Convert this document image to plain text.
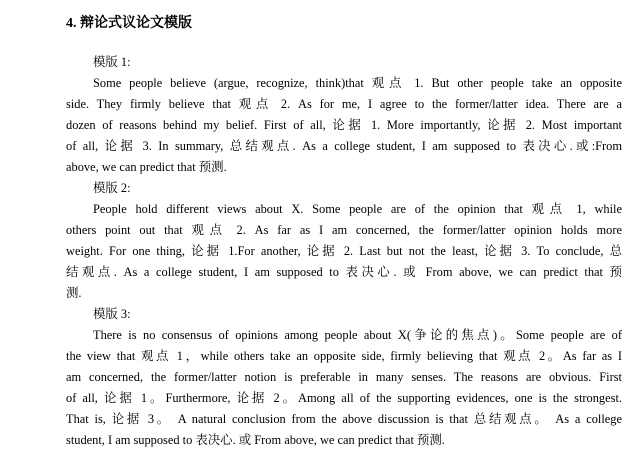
4. 辩论式议论文模版
模版 1:
Some people believe (argue, recognize, think)that 观点 1. But other people take an opposite
side. They firmly believe that 观点 2. As for me, I agree to the former/latter idea. There are a
dozen of reasons behind my belief. First of all, 论据 1. More importantly, 论据 2. Most important
of all, 论据 3. In summary, 总结观点. As a college student, I am supposed to 表决心.或:From
above, we can predict that 预测.
模版 2:
People hold different views about X. Some people are of the opinion that 观点 1, while
others point out that 观点 2. As far as I am concerned, the former/latter opinion holds more
weight. For one thing, 论据 1.For another, 论据 2. Last but not the least, 论据 3. To conclude, 总
结观点. As a college student, I am supposed to 表决心. 或 From above, we can predict that 预
测.
模版 3:
There is no consensus of opinions among people about X(争论的焦点)。Some people are of
the view that 观点 1，while others take an opposite side, firmly believing that 观点 2。As far as I
am concerned, the former/latter notion is preferable in many senses. The reasons are obvious. First
of all, 论据 1。Furthermore, 论据 2。Among all of the supporting evidences, one is the strongest.
That is, 论据 3。 A natural conclusion from the above discussion is that 总结观点。 As a college
student, I am supposed to 表决心. 或 From above, we can predict that 预测.
